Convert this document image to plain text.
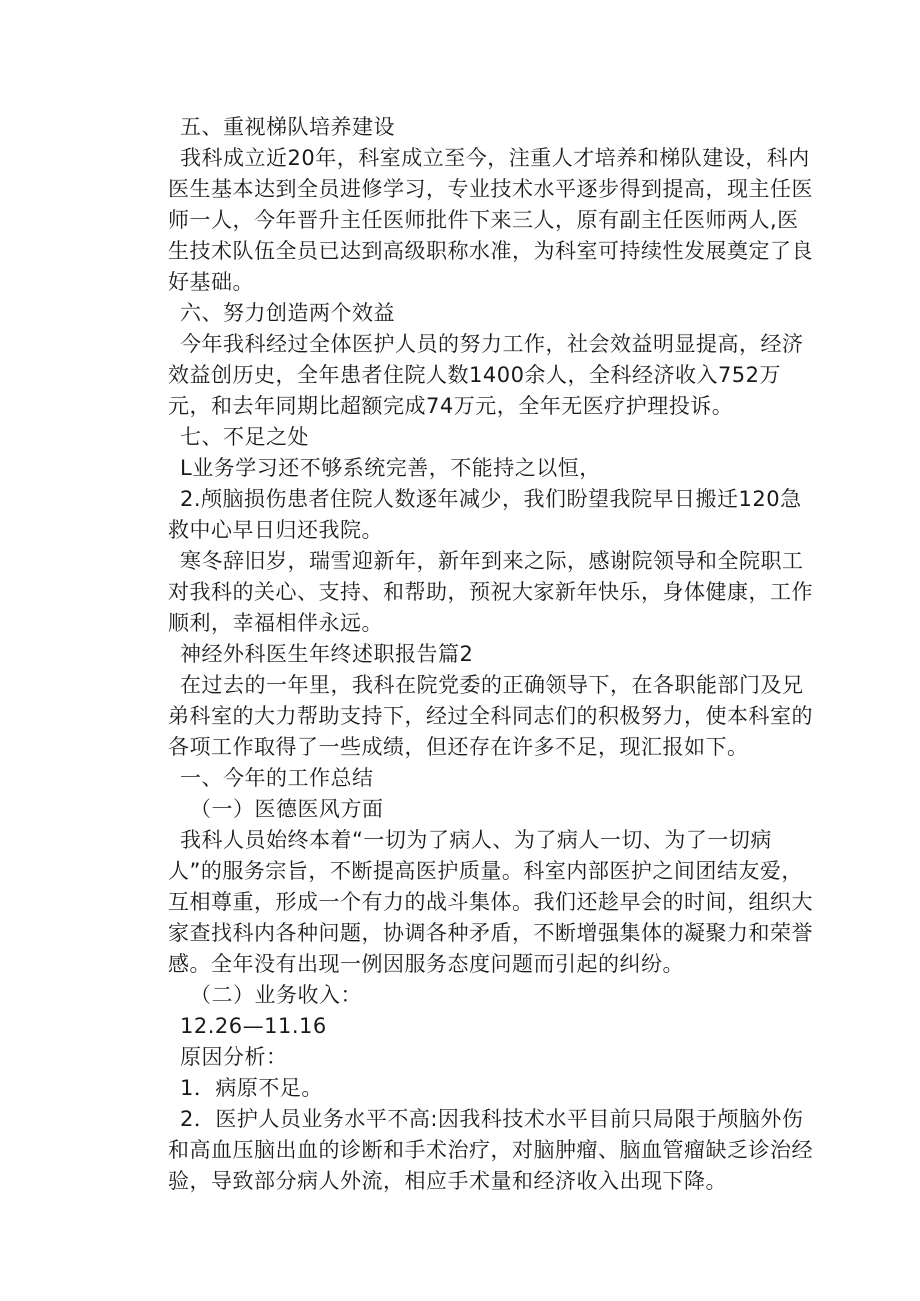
五、重视梯队培养建设

我科成立近20年，科室成立至今，注重人才培养和梯队建设，科内医生基本达到全员进修学习，专业技术水平逐步得到提高，现主任医师一人，今年晋升主任医师批件下来三人，原有副主任医师两人,医生技术队伍全员已达到高级职称水准，为科室可持续性发展奠定了良好基础。

六、努力创造两个效益

今年我科经过全体医护人员的努力工作，社会效益明显提高，经济效益创历史，全年患者住院人数1400余人，全科经济收入752万元，和去年同期比超额完成74万元，全年无医疗护理投诉。

七、不足之处

L业务学习还不够系统完善，不能持之以恒，

2.颅脑损伤患者住院人数逐年减少，我们盼望我院早日搬迁120急救中心早日归还我院。

寒冬辞旧岁，瑞雪迎新年，新年到来之际，感谢院领导和全院职工对我科的关心、支持、和帮助，预祝大家新年快乐，身体健康，工作顺利，幸福相伴永远。

神经外科医生年终述职报告篇2

在过去的一年里，我科在院党委的正确领导下，在各职能部门及兄弟科室的大力帮助支持下，经过全科同志们的积极努力，使本科室的各项工作取得了一些成绩，但还存在许多不足，现汇报如下。

一、今年的工作总结

（一）医德医风方面

我科人员始终本着“一切为了病人、为了病人一切、为了一切病人”的服务宗旨，不断提高医护质量。科室内部医护之间团结友爱，互相尊重，形成一个有力的战斗集体。我们还趁早会的时间，组织大家查找科内各种问题，协调各种矛盾，不断增强集体的凝聚力和荣誉感。全年没有出现一例因服务态度问题而引起的纠纷。

（二）业务收入：

12.26—11.16

原因分析：

1．病原不足。

2．医护人员业务水平不高:因我科技术水平目前只局限于颅脑外伤和高血压脑出血的诊断和手术治疗，对脑肿瘤、脑血管瘤缺乏诊治经验，导致部分病人外流，相应手术量和经济收入出现下降。
